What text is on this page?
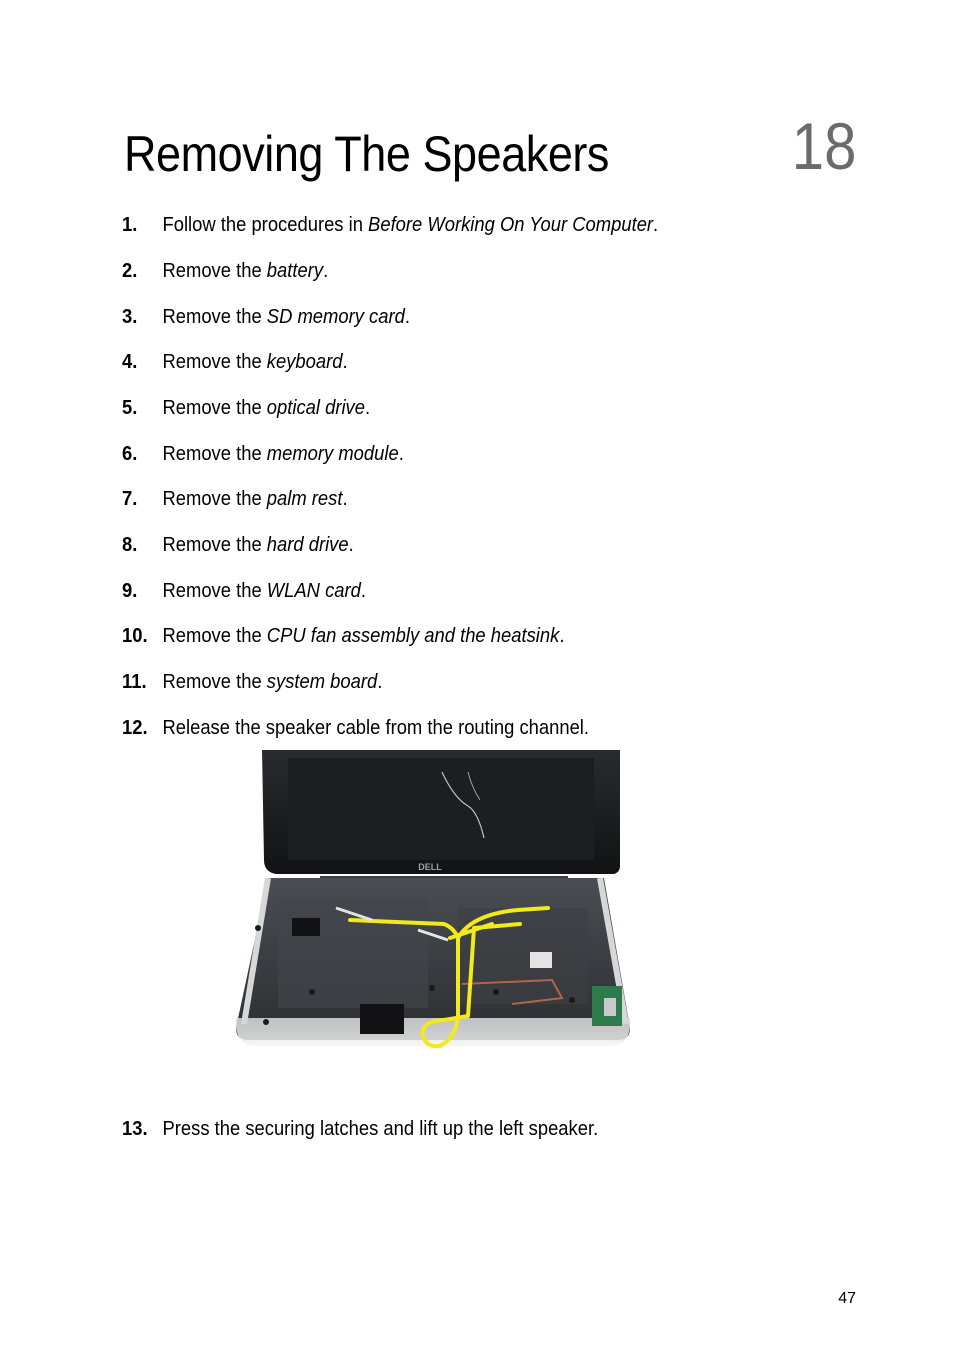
Removing The Speakers	18
1. Follow the procedures in Before Working On Your Computer.
2. Remove the battery.
3. Remove the SD memory card.
4. Remove the keyboard.
5. Remove the optical drive.
6. Remove the memory module.
7. Remove the palm rest.
8. Remove the hard drive.
9. Remove the WLAN card.
10. Remove the CPU fan assembly and the heatsink.
11. Remove the system board.
12. Release the speaker cable from the routing channel.
13. Press the securing latches and lift up the left speaker.
DELL
47
